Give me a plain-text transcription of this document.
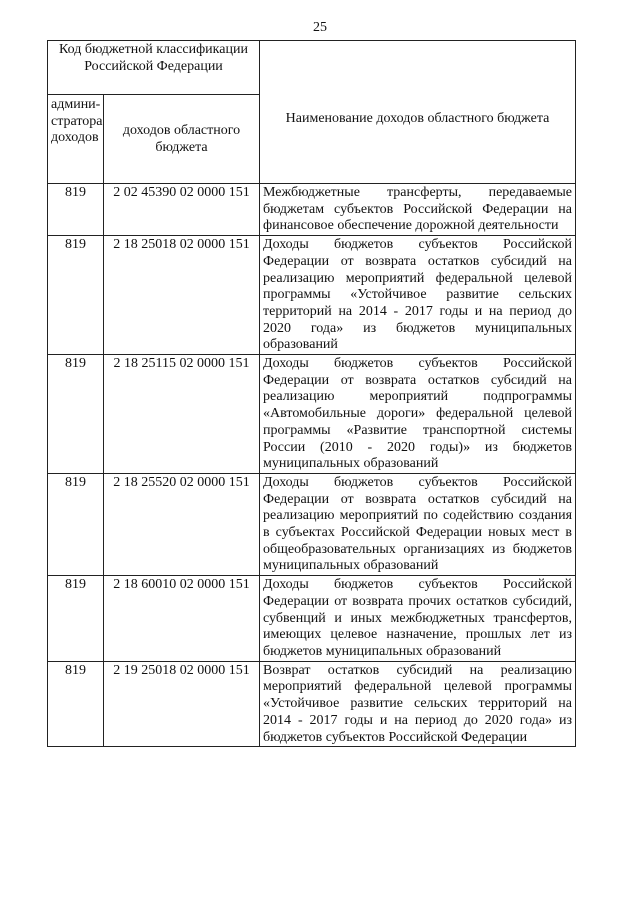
25
Код бюджетной классификации Российской Федерации		Наименование доходов областного бюджета
админи-стратора доходов	доходов областного бюджета	
819	2 02 45390 02 0000 151	Межбюджетные трансферты, передаваемые бюджетам субъектов Российской Федерации на финансовое обеспечение дорожной деятельности
819	2 18 25018 02 0000 151	Доходы бюджетов субъектов Российской Федерации от возврата остатков субсидий на реализацию мероприятий федеральной целевой программы «Устойчивое развитие сельских территорий на 2014 - 2017 годы и на период до 2020 года» из бюджетов муниципальных образований
819	2 18 25115 02 0000 151	Доходы бюджетов субъектов Российской Федерации от возврата остатков субсидий на реализацию мероприятий подпрограммы «Автомобильные дороги» федеральной целевой программы «Развитие транспортной системы России (2010 - 2020 годы)» из бюджетов муниципальных образований
819	2 18 25520 02 0000 151	Доходы бюджетов субъектов Российской Федерации от возврата остатков субсидий на реализацию мероприятий по содействию создания в субъектах Российской Федерации новых мест в общеобразовательных организациях из бюджетов муниципальных образований
819	2 18 60010 02 0000 151	Доходы бюджетов субъектов Российской Федерации от возврата прочих остатков субсидий, субвенций и иных межбюджетных трансфертов, имеющих целевое назначение, прошлых лет из бюджетов муниципальных образований
819	2 19 25018 02 0000 151	Возврат остатков субсидий на реализацию мероприятий федеральной целевой программы «Устойчивое развитие сельских территорий на 2014 - 2017 годы и на период до 2020 года» из бюджетов субъектов Российской Федерации
